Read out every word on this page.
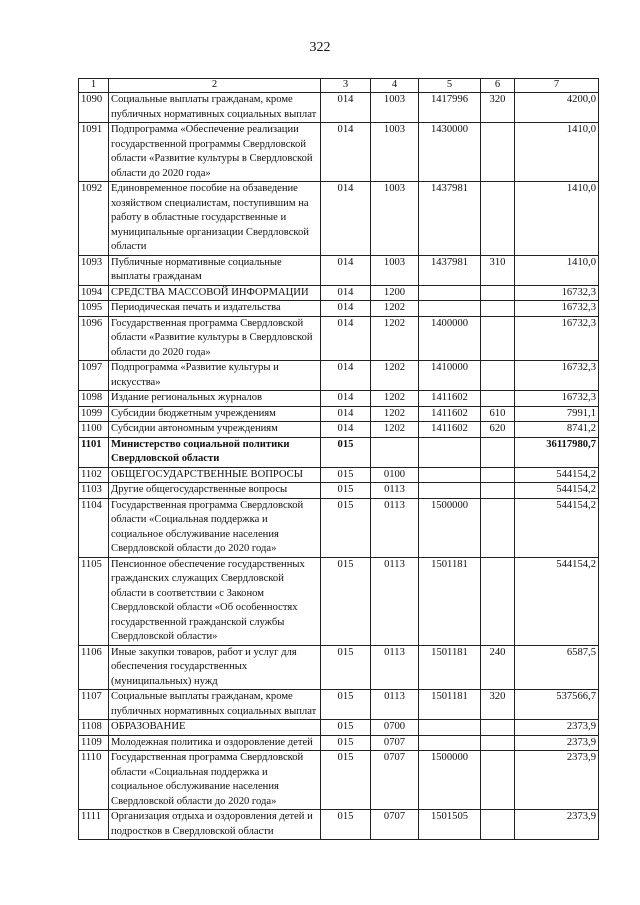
322
1	2	3	4	5	6	7
1090	Социальные выплаты гражданам, кроме публичных нормативных социальных выплат	014	1003	1417996	320	4200,0
1091	Подпрограмма «Обеспечение реализации государственной программы Свердловской области «Развитие культуры в Свердловской области до 2020 года»	014	1003	1430000		1410,0
1092	Единовременное пособие на обзаведение хозяйством специалистам, поступившим на работу в областные государственные и муниципальные организации Свердловской области	014	1003	1437981		1410,0
1093	Публичные нормативные социальные выплаты гражданам	014	1003	1437981	310	1410,0
1094	СРЕДСТВА МАССОВОЙ ИНФОРМАЦИИ	014	1200			16732,3
1095	Периодическая печать и издательства	014	1202			16732,3
1096	Государственная программа Свердловской области «Развитие культуры в Свердловской области до 2020 года»	014	1202	1400000		16732,3
1097	Подпрограмма «Развитие культуры и искусства»	014	1202	1410000		16732,3
1098	Издание региональных журналов	014	1202	1411602		16732,3
1099	Субсидии бюджетным учреждениям	014	1202	1411602	610	7991,1
1100	Субсидии автономным учреждениям	014	1202	1411602	620	8741,2
1101	Министерство социальной политики Свердловской области	015				36117980,7
1102	ОБЩЕГОСУДАРСТВЕННЫЕ ВОПРОСЫ	015	0100			544154,2
1103	Другие общегосударственные вопросы	015	0113			544154,2
1104	Государственная программа Свердловской области «Социальная поддержка и социальное обслуживание населения Свердловской области до 2020 года»	015	0113	1500000		544154,2
1105	Пенсионное обеспечение государственных гражданских служащих Свердловской области в соответствии с Законом Свердловской области «Об особенностях государственной гражданской службы Свердловской области»	015	0113	1501181		544154,2
1106	Иные закупки товаров, работ и услуг для обеспечения государственных (муниципальных) нужд	015	0113	1501181	240	6587,5
1107	Социальные выплаты гражданам, кроме публичных нормативных социальных выплат	015	0113	1501181	320	537566,7
1108	ОБРАЗОВАНИЕ	015	0700			2373,9
1109	Молодежная политика и оздоровление детей	015	0707			2373,9
1110	Государственная программа Свердловской области «Социальная поддержка и социальное обслуживание населения Свердловской области до 2020 года»	015	0707	1500000		2373,9
1111	Организация отдыха и оздоровления детей и подростков в Свердловской области	015	0707	1501505		2373,9
